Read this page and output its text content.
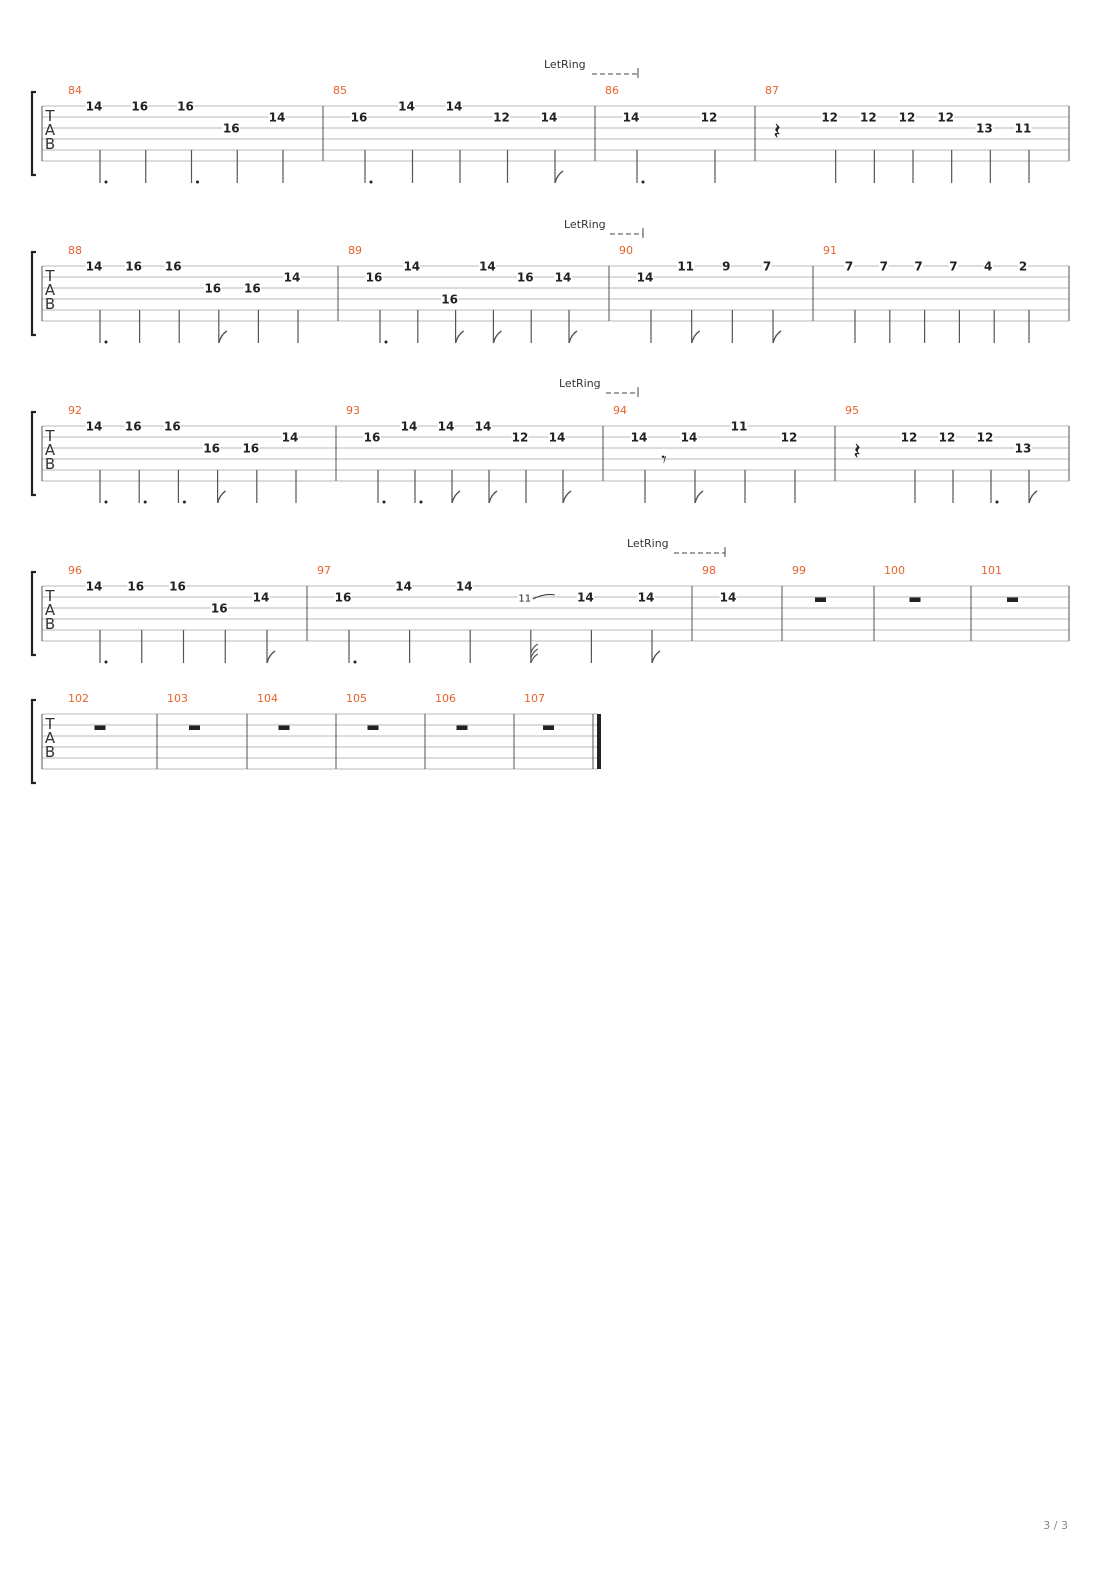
T
A
B
LetRing
84
14 16 16
16
14
85
16
14	14
12	14
86
14	12
87
𝄽	12 12 12 12
13 11
T
A
B
LetRing
88
14 16 16
16 16
14
89
16
14
16
14
16 14
90
14
11 9	7
91
7 7 7 7 4 2
T
A
B
LetRing
92
14 16 16
16 16
14
93
16
14 14 14
12 14
94
𝄾
14	14
11
12
95
𝄽	12 12 12
13
T
A
B
LetRing
96
14 16 16
16
14
97
16
14	14
11	14	14
98
14
99	100	101
T
A
B
102	103	104	105	106	107
3 / 3
